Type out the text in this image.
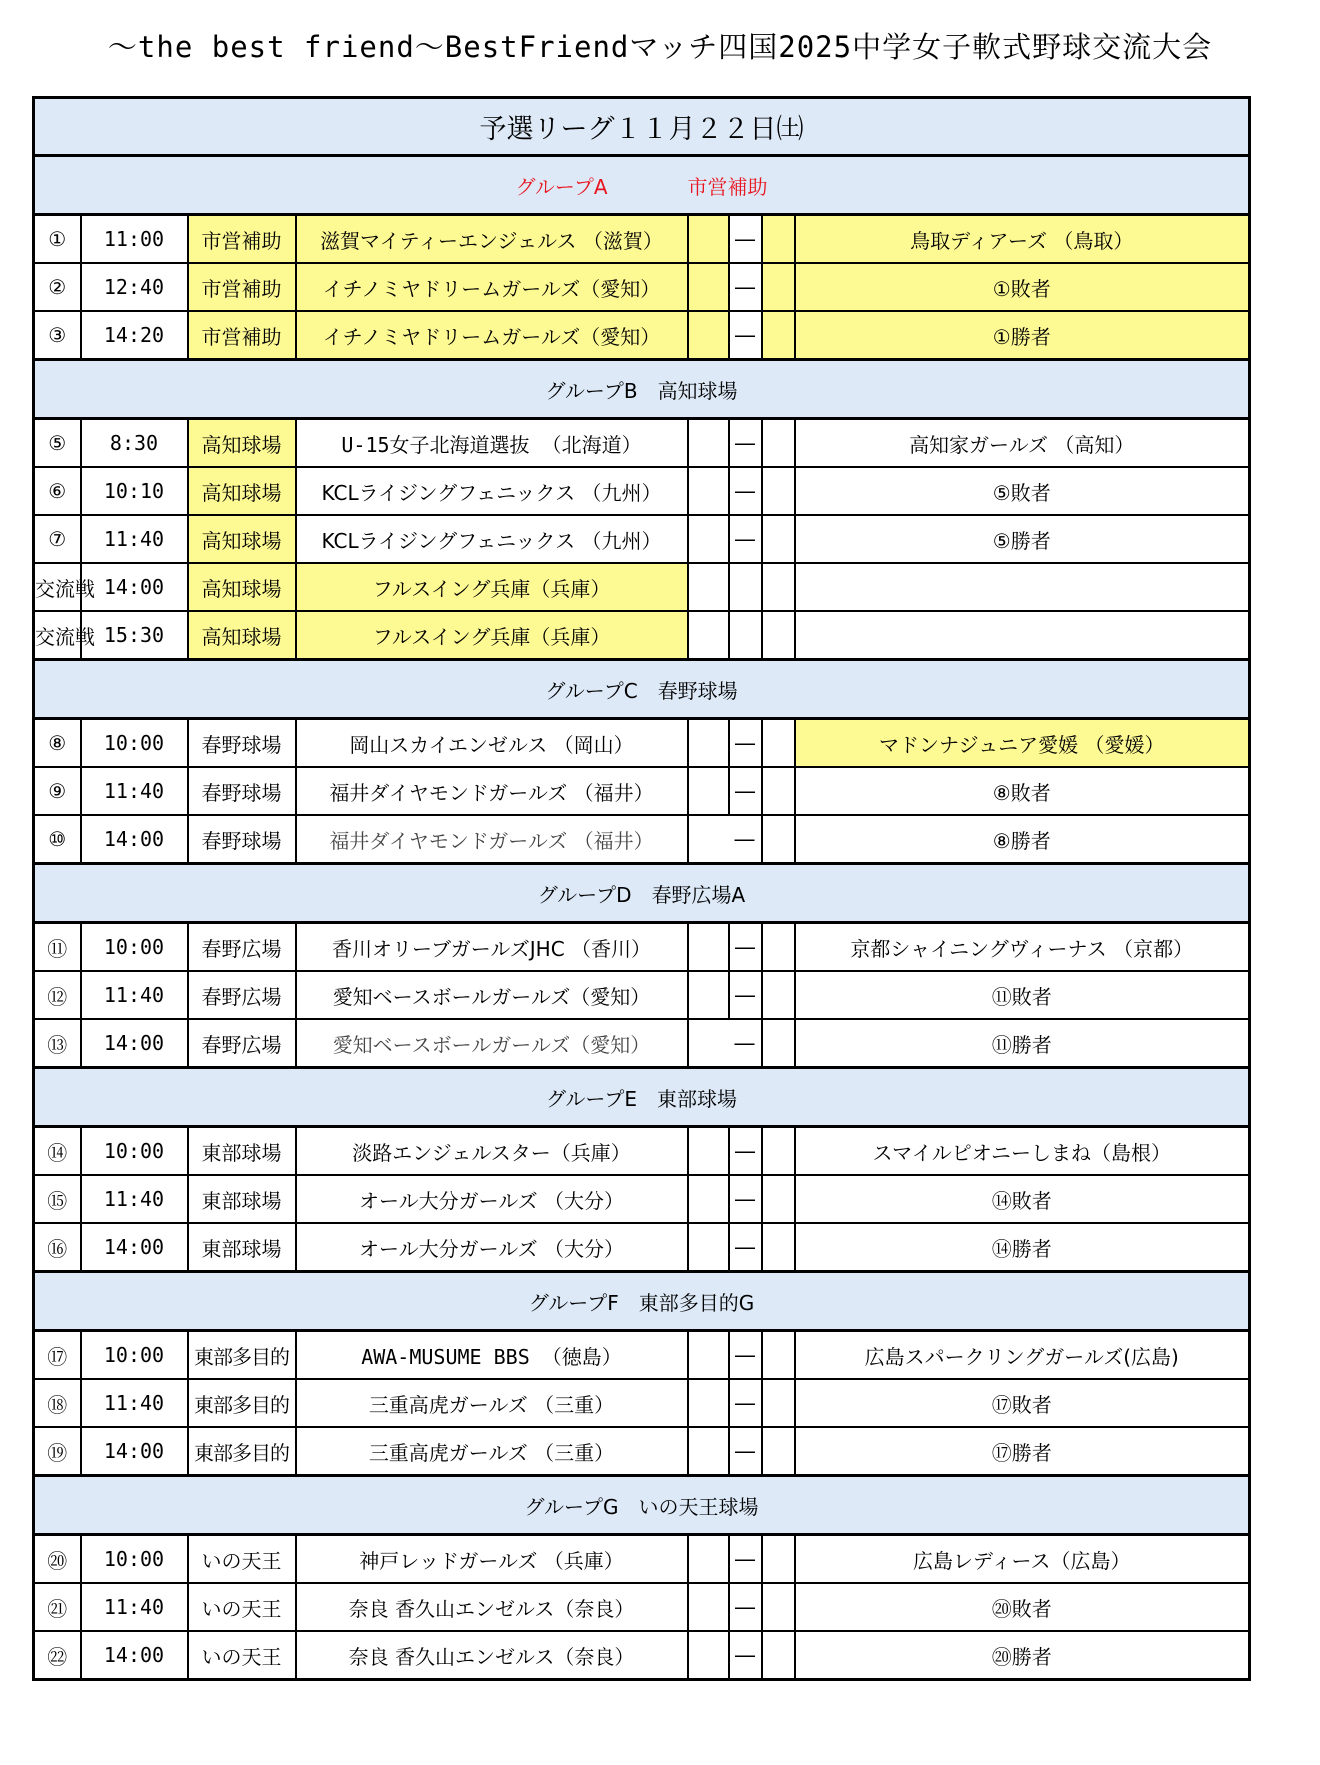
〜the best friend〜BestFriendマッチ四国2025中学女子軟式野球交流大会
予選リーグ１１月２２日㈯							
グループA 市営補助							
①	11:00	市営補助	滋賀マイティーエンジェルス （滋賀）		―		鳥取ディアーズ （鳥取）
②	12:40	市営補助	イチノミヤドリームガールズ（愛知）		―		①敗者
③	14:20	市営補助	イチノミヤドリームガールズ（愛知）		―		①勝者
グループB 高知球場							
⑤	8:30	高知球場	U-15女子北海道選抜 （北海道）		―		高知家ガールズ （高知）
⑥	10:10	高知球場	KCLライジングフェニックス （九州）		―		⑤敗者
⑦	11:40	高知球場	KCLライジングフェニックス （九州）		―		⑤勝者
交流戦	14:00	高知球場	フルスイング兵庫（兵庫）				
交流戦	15:30	高知球場	フルスイング兵庫（兵庫）				
グループC 春野球場							
⑧	10:00	春野球場	岡山スカイエンゼルス （岡山）		―		マドンナジュニア愛媛 （愛媛）
⑨	11:40	春野球場	福井ダイヤモンドガールズ （福井）		―		⑧敗者
⑩	14:00	春野球場	福井ダイヤモンドガールズ （福井）		―		⑧勝者
グループD 春野広場A							
⑪	10:00	春野広場	香川オリーブガールズJHC （香川）		―		京都シャイニングヴィーナス （京都）
⑫	11:40	春野広場	愛知ベースボールガールズ（愛知）		―		⑪敗者
⑬	14:00	春野広場	愛知ベースボールガールズ（愛知）		―		⑪勝者
グループE 東部球場							
⑭	10:00	東部球場	淡路エンジェルスター（兵庫）		―		スマイルピオニーしまね（島根）
⑮	11:40	東部球場	オール大分ガールズ （大分）		―		⑭敗者
⑯	14:00	東部球場	オール大分ガールズ （大分）		―		⑭勝者
グループF 東部多目的G							
⑰	10:00	東部多目的	AWA-MUSUME BBS （徳島）		―		広島スパークリングガールズ(広島)
⑱	11:40	東部多目的	三重高虎ガールズ （三重）		―		⑰敗者
⑲	14:00	東部多目的	三重高虎ガールズ （三重）		―		⑰勝者
グループG いの天王球場							
⑳	10:00	いの天王	神戸レッドガールズ （兵庫）		―		広島レディース（広島）
㉑	11:40	いの天王	奈良 香久山エンゼルス（奈良）		―		⑳敗者
㉒	14:00	いの天王	奈良 香久山エンゼルス（奈良）		―		⑳勝者
